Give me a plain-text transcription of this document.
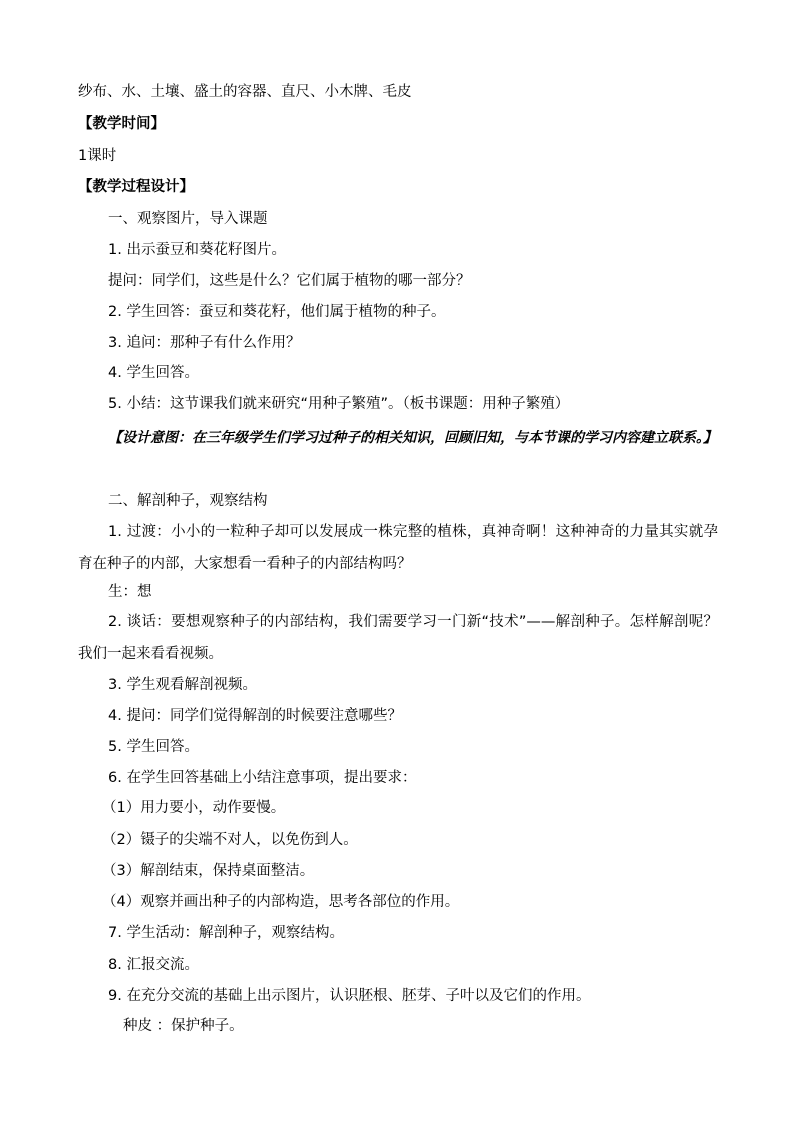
纱布、水、土壤、盛土的容器、直尺、小木牌、毛皮
【教学时间】
1课时
【教学过程设计】
一、观察图片，导入课题
1. 出示蚕豆和葵花籽图片。
提问：同学们，这些是什么？它们属于植物的哪一部分？
2. 学生回答：蚕豆和葵花籽，他们属于植物的种子。
3. 追问：那种子有什么作用？
4. 学生回答。
5. 小结：这节课我们就来研究“用种子繁殖”。（板书课题：用种子繁殖）
【设计意图：在三年级学生们学习过种子的相关知识，回顾旧知，与本节课的学习内容建立联系。】
二、解剖种子，观察结构
1. 过渡：小小的一粒种子却可以发展成一株完整的植株，真神奇啊！这种神奇的力量其实就孕育在种子的内部，大家想看一看种子的内部结构吗？
生：想
2. 谈话：要想观察种子的内部结构，我们需要学习一门新“技术”——解剖种子。怎样解剖呢？我们一起来看看视频。
3. 学生观看解剖视频。
4. 提问：同学们觉得解剖的时候要注意哪些？
5. 学生回答。
6. 在学生回答基础上小结注意事项，提出要求：
（1）用力要小，动作要慢。
（2）镊子的尖端不对人，以免伤到人。
（3）解剖结束，保持桌面整洁。
（4）观察并画出种子的内部构造，思考各部位的作用。
7. 学生活动：解剖种子，观察结构。
8. 汇报交流。
9. 在充分交流的基础上出示图片，认识胚根、胚芽、子叶以及它们的作用。
种皮 ：保护种子。
